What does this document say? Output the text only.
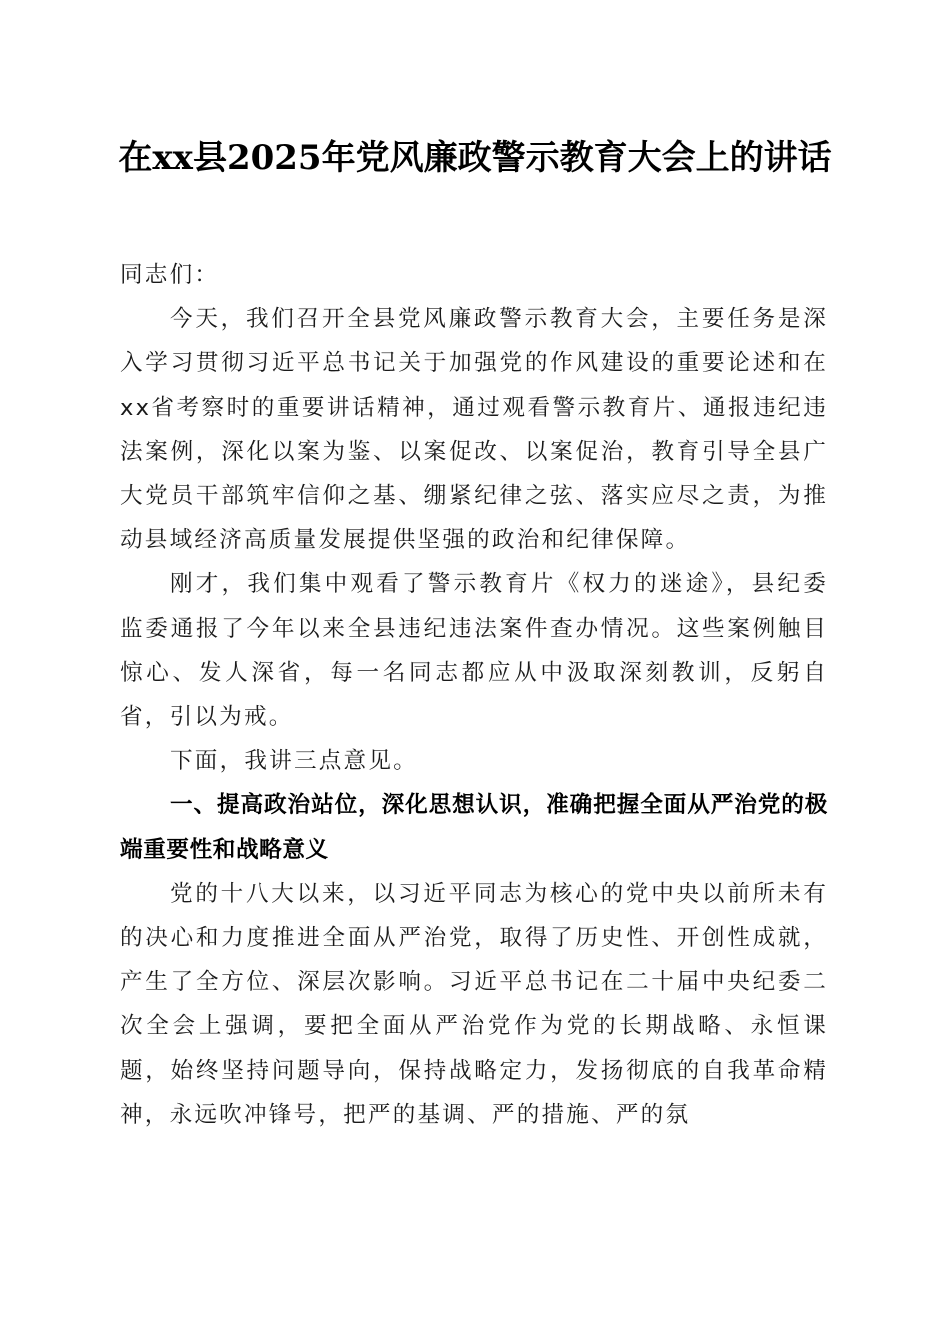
在xx县2025年党风廉政警示教育大会上的讲话

同志们：

今天，我们召开全县党风廉政警示教育大会，主要任务是深入学习贯彻习近平总书记关于加强党的作风建设的重要论述和在xx省考察时的重要讲话精神，通过观看警示教育片、通报违纪违法案例，深化以案为鉴、以案促改、以案促治，教育引导全县广大党员干部筑牢信仰之基、绷紧纪律之弦、落实应尽之责，为推动县域经济高质量发展提供坚强的政治和纪律保障。

刚才，我们集中观看了警示教育片《权力的迷途》，县纪委监委通报了今年以来全县违纪违法案件查办情况。这些案例触目惊心、发人深省，每一名同志都应从中汲取深刻教训，反躬自省，引以为戒。

下面，我讲三点意见。

一、提高政治站位，深化思想认识，准确把握全面从严治党的极端重要性和战略意义

党的十八大以来，以习近平同志为核心的党中央以前所未有的决心和力度推进全面从严治党，取得了历史性、开创性成就，产生了全方位、深层次影响。习近平总书记在二十届中央纪委二次全会上强调，要把全面从严治党作为党的长期战略、永恒课题，始终坚持问题导向，保持战略定力，发扬彻底的自我革命精神，永远吹冲锋号，把严的基调、严的措施、严的氛
